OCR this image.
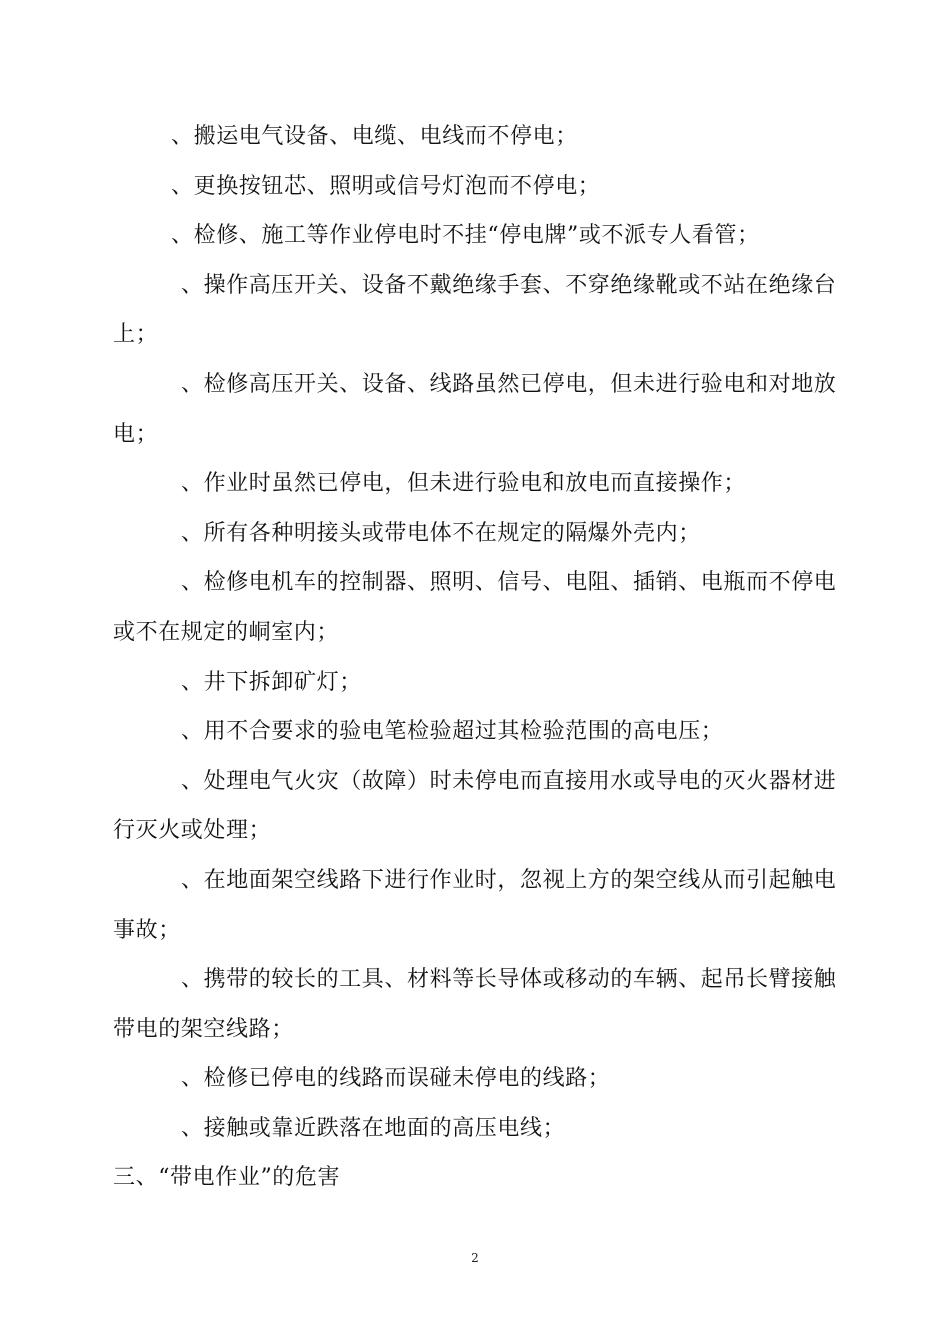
、搬运电气设备、电缆、电线而不停电；

、更换按钮芯、照明或信号灯泡而不停电；

、检修、施工等作业停电时不挂“停电牌”或不派专人看管；

、操作高压开关、设备不戴绝缘手套、不穿绝缘靴或不站在绝缘台上；

、检修高压开关、设备、线路虽然已停电，但未进行验电和对地放电；

、作业时虽然已停电，但未进行验电和放电而直接操作；

、所有各种明接头或带电体不在规定的隔爆外壳内；

、检修电机车的控制器、照明、信号、电阻、插销、电瓶而不停电或不在规定的峒室内；

、井下拆卸矿灯；

、用不合要求的验电笔检验超过其检验范围的高电压；

、处理电气火灾（故障）时未停电而直接用水或导电的灭火器材进行灭火或处理；

、在地面架空线路下进行作业时，忽视上方的架空线从而引起触电事故；

、携带的较长的工具、材料等长导体或移动的车辆、起吊长臂接触带电的架空线路；

、检修已停电的线路而误碰未停电的线路；

、接触或靠近跌落在地面的高压电线；

三、“带电作业”的危害

2
